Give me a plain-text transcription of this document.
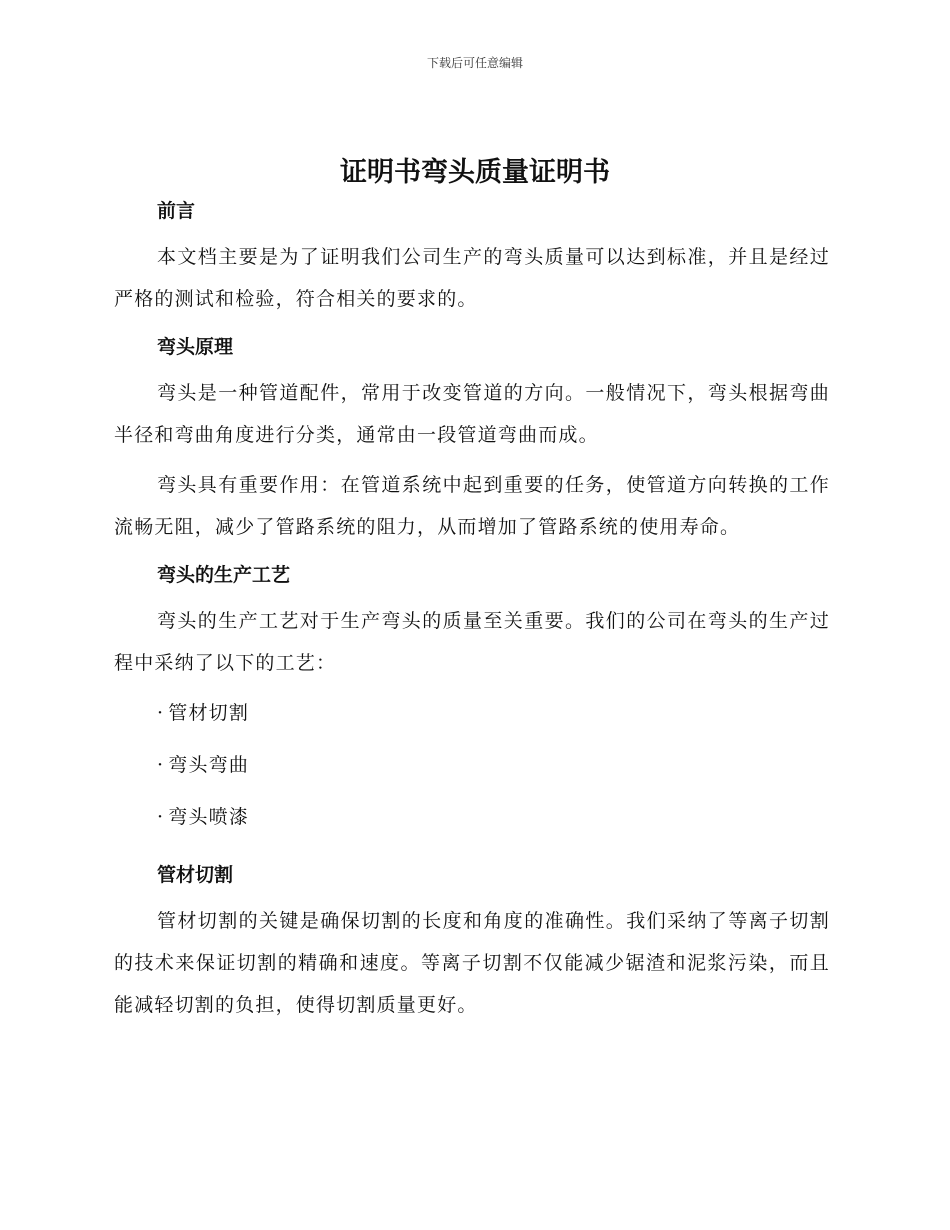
下载后可任意编辑
证明书弯头质量证明书
前言

本文档主要是为了证明我们公司生产的弯头质量可以达到标准，并且是经过严格的测试和检验，符合相关的要求的。

弯头原理

弯头是一种管道配件，常用于改变管道的方向。一般情况下，弯头根据弯曲半径和弯曲角度进行分类，通常由一段管道弯曲而成。

弯头具有重要作用：在管道系统中起到重要的任务，使管道方向转换的工作流畅无阻，减少了管路系统的阻力，从而增加了管路系统的使用寿命。

弯头的生产工艺

弯头的生产工艺对于生产弯头的质量至关重要。我们的公司在弯头的生产过程中采纳了以下的工艺：

· 管材切割
· 弯头弯曲
· 弯头喷漆
管材切割

管材切割的关键是确保切割的长度和角度的准确性。我们采纳了等离子切割的技术来保证切割的精确和速度。等离子切割不仅能减少锯渣和泥浆污染，而且能减轻切割的负担，使得切割质量更好。
